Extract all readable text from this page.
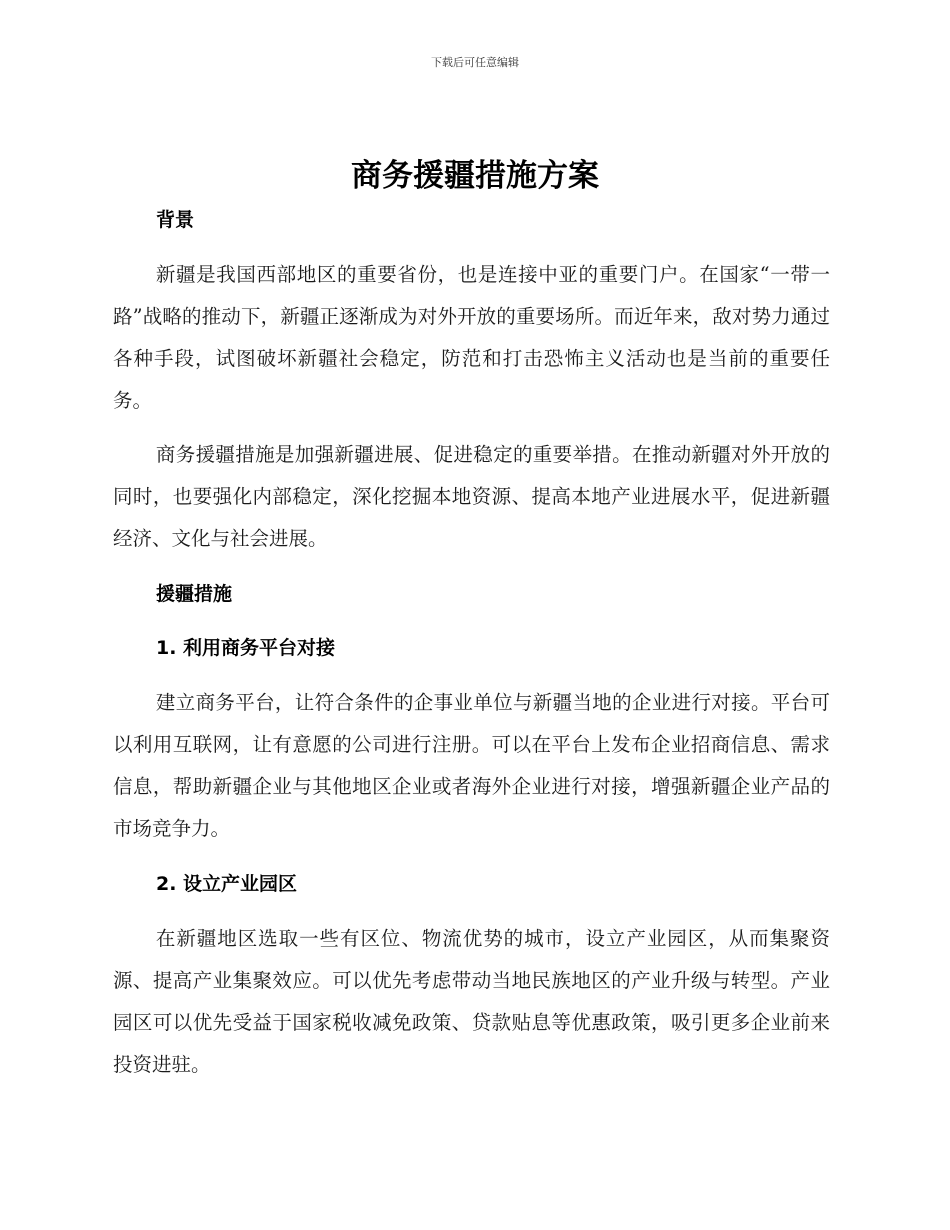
下载后可任意编辑
商务援疆措施方案
背景

新疆是我国西部地区的重要省份，也是连接中亚的重要门户。在国家“一带一路”战略的推动下，新疆正逐渐成为对外开放的重要场所。而近年来，敌对势力通过各种手段，试图破坏新疆社会稳定，防范和打击恐怖主义活动也是当前的重要任务。

商务援疆措施是加强新疆进展、促进稳定的重要举措。在推动新疆对外开放的同时，也要强化内部稳定，深化挖掘本地资源、提高本地产业进展水平，促进新疆经济、文化与社会进展。

援疆措施
1. 利用商务平台对接

建立商务平台，让符合条件的企事业单位与新疆当地的企业进行对接。平台可以利用互联网，让有意愿的公司进行注册。可以在平台上发布企业招商信息、需求信息，帮助新疆企业与其他地区企业或者海外企业进行对接，增强新疆企业产品的市场竞争力。

2. 设立产业园区

在新疆地区选取一些有区位、物流优势的城市，设立产业园区，从而集聚资源、提高产业集聚效应。可以优先考虑带动当地民族地区的产业升级与转型。产业园区可以优先受益于国家税收减免政策、贷款贴息等优惠政策，吸引更多企业前来投资进驻。
